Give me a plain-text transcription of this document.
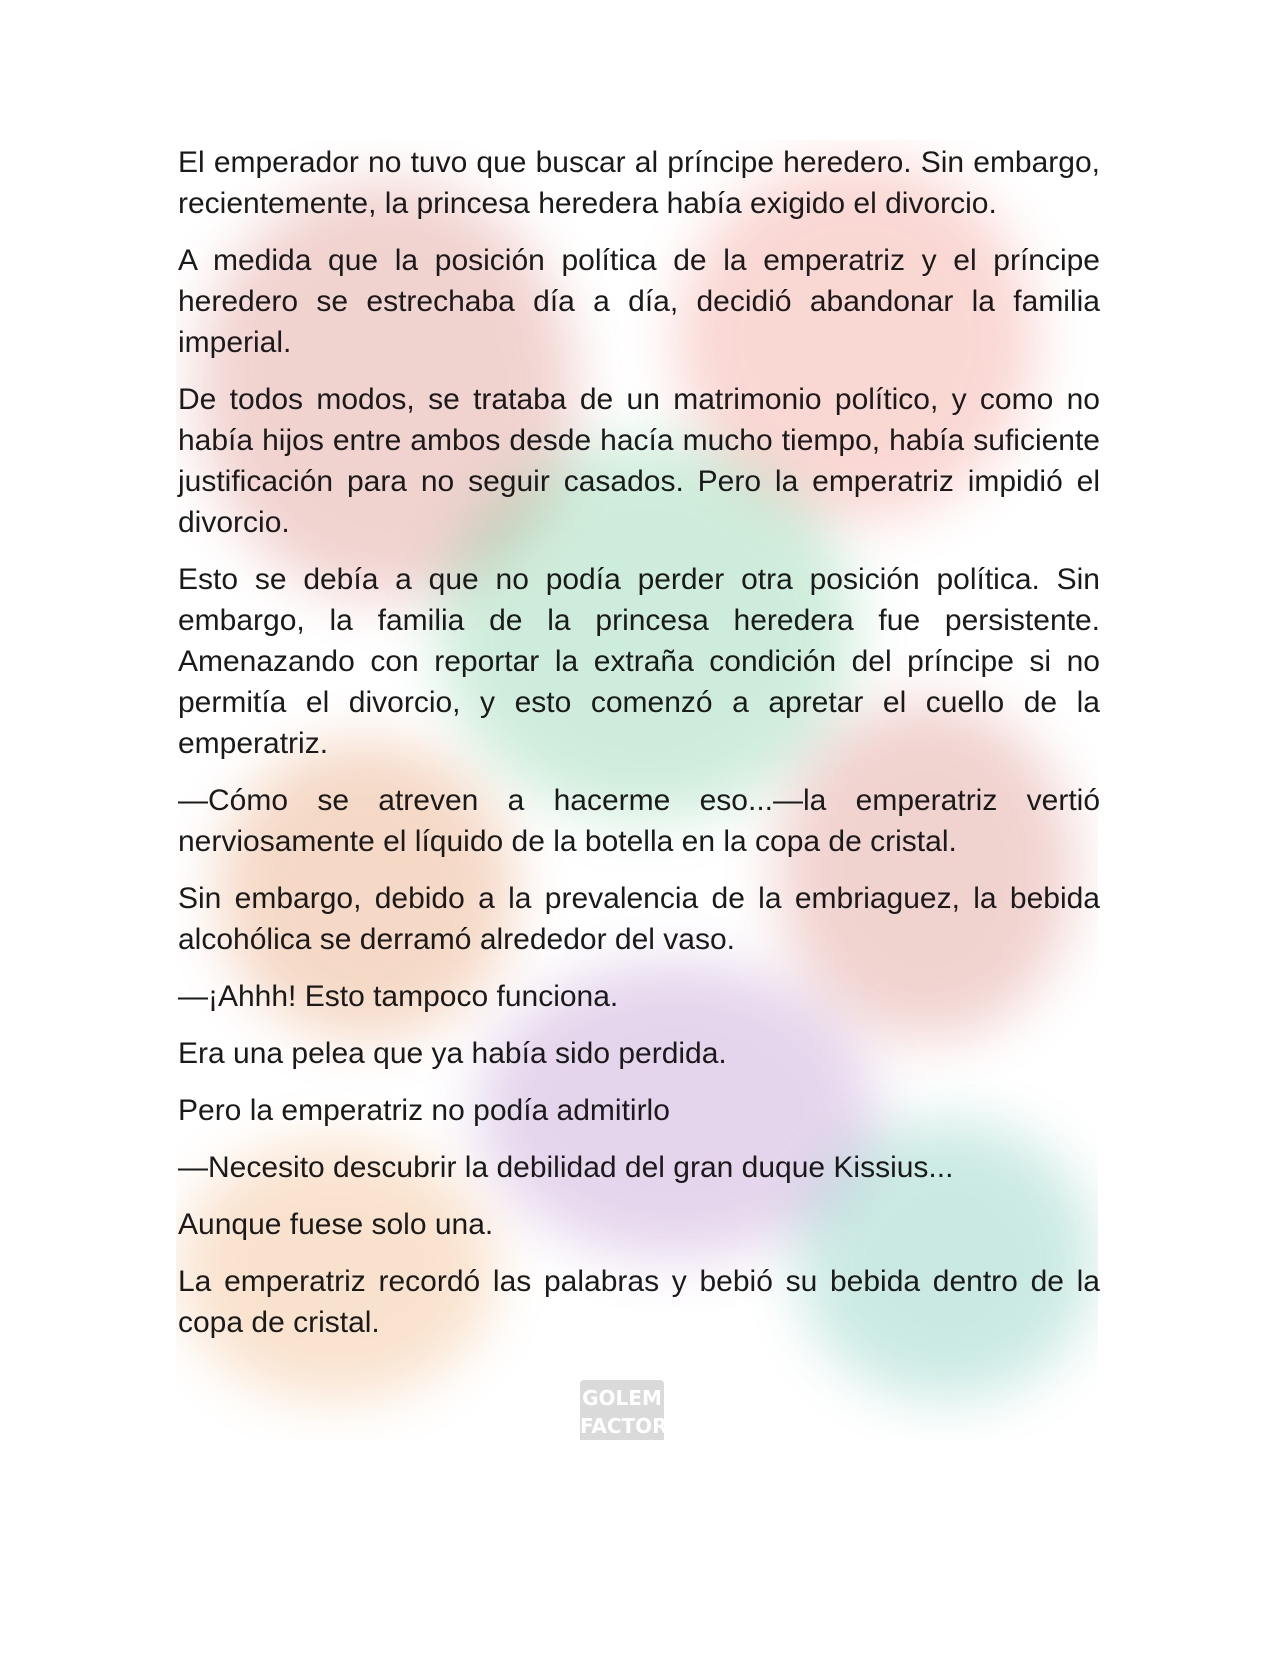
GOLEM
FACTORY

El emperador no tuvo que buscar al príncipe heredero. Sin embargo, recientemente, la princesa heredera había exigido el divorcio.

A medida que la posición política de la emperatriz y el príncipe heredero se estrechaba día a día, decidió abandonar la familia imperial.

De todos modos, se trataba de un matrimonio político, y como no había hijos entre ambos desde hacía mucho tiempo, había suficiente justificación para no seguir casados. Pero la emperatriz impidió el divorcio.

Esto se debía a que no podía perder otra posición política. Sin embargo, la familia de la princesa heredera fue persistente. Amenazando con reportar la extraña condición del príncipe si no permitía el divorcio, y esto comenzó a apretar el cuello de la emperatriz.

—Cómo se atreven a hacerme eso...—la emperatriz vertió nerviosamente el líquido de la botella en la copa de cristal.

Sin embargo, debido a la prevalencia de la embriaguez, la bebida alcohólica se derramó alrededor del vaso.

—¡Ahhh! Esto tampoco funciona.

Era una pelea que ya había sido perdida.

Pero la emperatriz no podía admitirlo

—Necesito descubrir la debilidad del gran duque Kissius...

Aunque fuese solo una.

La emperatriz recordó las palabras y bebió su bebida dentro de la copa de cristal.
